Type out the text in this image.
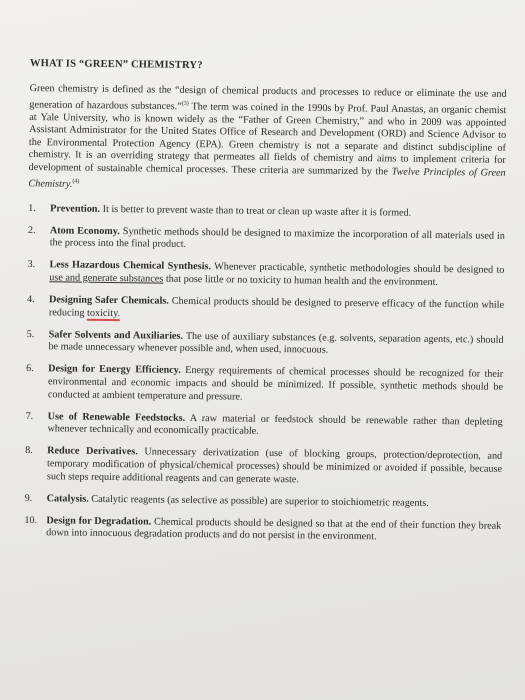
WHAT IS “GREEN” CHEMISTRY?

Green chemistry is defined as the “design of chemical products and processes to reduce or eliminate the use and generation of hazardous substances.”$^{(3)}$ The term was coined in the 1990s by Prof. Paul Anastas, an organic chemist at Yale University, who is known widely as the “Father of Green Chemistry,” and who in 2009 was appointed Assistant Administrator for the United States Office of Research and Development (ORD) and Science Advisor to the Environmental Protection Agency (EPA). Green chemistry is not a separate and distinct subdiscipline of chemistry. It is an overriding strategy that permeates all fields of chemistry and aims to implement criteria for development of sustainable chemical processes. These criteria are summarized by the Twelve Principles of Green Chemistry.$^{(4)}$

1.	Prevention. It is better to prevent waste than to treat or clean up waste after it is formed.
2.	Atom Economy. Synthetic methods should be designed to maximize the incorporation of all materials used in the process into the final product.
3.	Less Hazardous Chemical Synthesis. Whenever practicable, synthetic methodologies should be designed to use and generate substances that pose little or no toxicity to human health and the environment.
4.	Designing Safer Chemicals. Chemical products should be designed to preserve efficacy of the function while reducing toxicity.
5.	Safer Solvents and Auxiliaries. The use of auxiliary substances (e.g. solvents, separation agents, etc.) should be made unnecessary whenever possible and, when used, innocuous.
6.	Design for Energy Efficiency. Energy requirements of chemical processes should be recognized for their environmental and economic impacts and should be minimized. If possible, synthetic methods should be conducted at ambient temperature and pressure.
7.	Use of Renewable Feedstocks. A raw material or feedstock should be renewable rather than depleting whenever technically and economically practicable.
8.	Reduce Derivatives. Unnecessary derivatization (use of blocking groups, protection/deprotection, and temporary modification of physical/chemical processes) should be minimized or avoided if possible, because such steps require additional reagents and can generate waste.
9.	Catalysis. Catalytic reagents (as selective as possible) are superior to stoichiometric reagents.
10. Design for Degradation. Chemical products should be designed so that at the end of their function they break down into innocuous degradation products and do not persist in the environment.
